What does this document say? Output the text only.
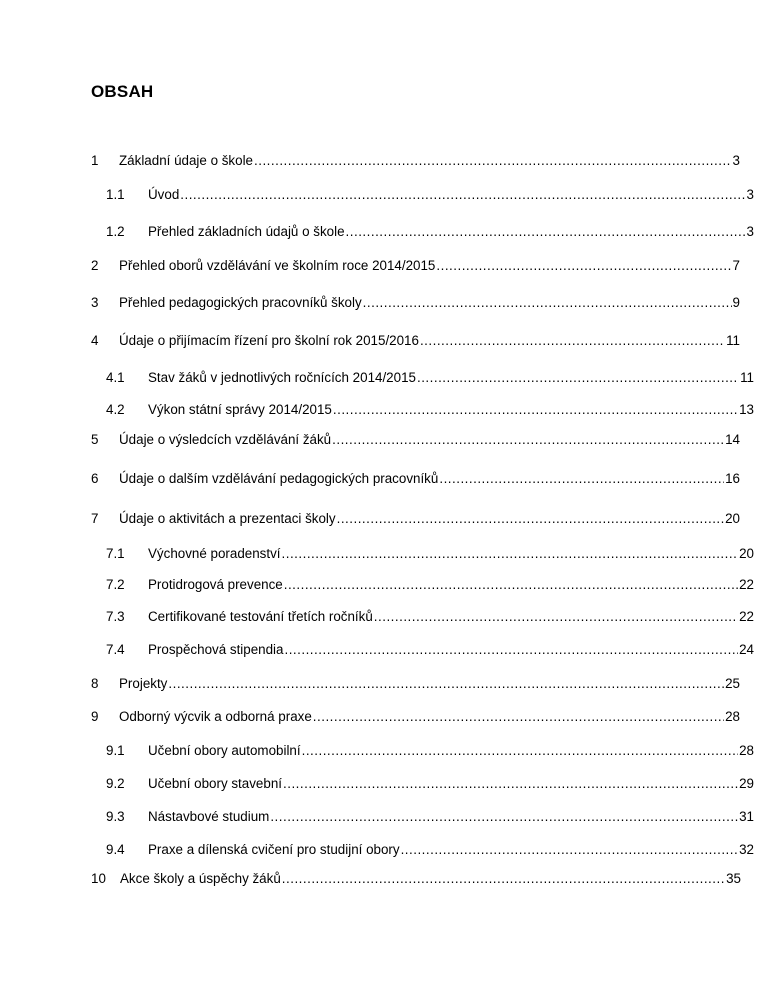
OBSAH
1 Základní údaje o škole .....	3
1.1 Úvod .....	3
1.2 Přehled základních údajů o škole .....	3
2 Přehled oborů vzdělávání ve školním roce 2014/2015 .....	7
3 Přehled pedagogických pracovníků školy .....	9
4 Údaje o přijímacím řízení pro školní rok 2015/2016 .....	11
4.1 Stav žáků v jednotlivých ročnících 2014/2015 .....	11
4.2 Výkon státní správy 2014/2015 .....	13
5 Údaje o výsledcích vzdělávání žáků .....	14
6 Údaje o dalším vzdělávání pedagogických pracovníků .....	16
7 Údaje o aktivitách a prezentaci školy .....	20
7.1 Výchovné poradenství .....	20
7.2 Protidrogová prevence .....	22
7.3 Certifikované testování třetích ročníků .....	22
7.4 Prospěchová stipendia .....	24
8 Projekty .....	25
9 Odborný výcvik a odborná praxe .....	28
9.1 Učební obory automobilní .....	28
9.2 Učební obory stavební .....	29
9.3 Nástavbové studium .....	31
9.4 Praxe a dílenská cvičení pro studijní obory .....	32
10 Akce školy a úspěchy žáků .....	35
